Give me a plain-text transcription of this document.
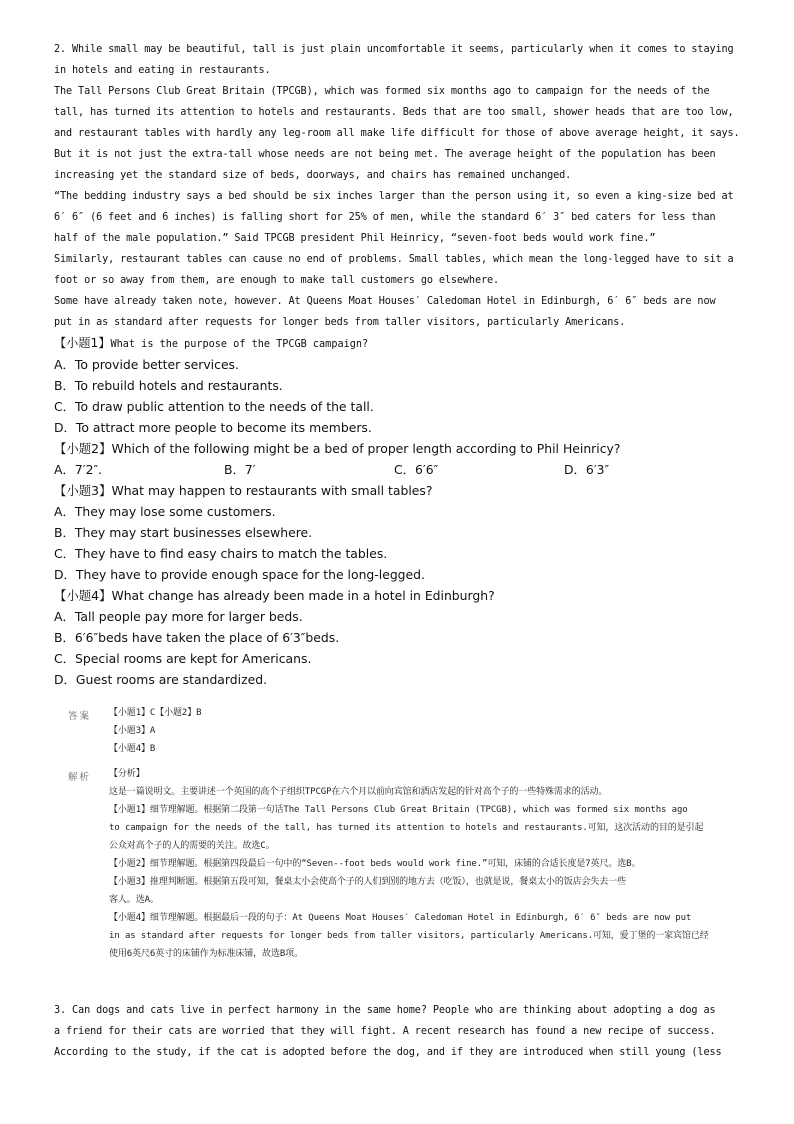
2. While small may be beautiful, tall is just plain uncomfortable it seems, particularly when it comes to staying
in hotels and eating in restaurants.
The Tall Persons Club Great Britain (TPCGB), which was formed six months ago to campaign for the needs of the
tall, has turned its attention to hotels and restaurants. Beds that are too small, shower heads that are too low,
and restaurant tables with hardly any leg-room all make life difficult for those of above average height, it says.
But it is not just the extra-tall whose needs are not being met. The average height of the population has been
increasing yet the standard size of beds, doorways, and chairs has remained unchanged.
“The bedding industry says a bed should be six inches larger than the person using it, so even a king-size bed at
6′ 6″ (6 feet and 6 inches) is falling short for 25% of men, while the standard 6′ 3″ bed caters for less than
half of the male population.” Said TPCGB president Phil Heinricy, “seven-foot beds would work fine.”
Similarly, restaurant tables can cause no end of problems. Small tables, which mean the long-legged have to sit a
foot or so away from them, are enough to make tall customers go elsewhere.
Some have already taken note, however. At Queens Moat Houses′ Caledoman Hotel in Edinburgh, 6′ 6″ beds are now
put in as standard after requests for longer beds from taller visitors, particularly Americans.
【小题1】What is the purpose of the TPCGB campaign?
A．To provide better services.
B．To rebuild hotels and restaurants.
C．To draw public attention to the needs of the tall.
D．To attract more people to become its members.
【小题2】Which of the following might be a bed of proper length according to Phil Heinricy?
A．7′2″.	B．7′	C．6′6″	D．6′3″
【小题3】What may happen to restaurants with small tables?
A．They may lose some customers.
B．They may start businesses elsewhere.
C．They have to find easy chairs to match the tables.
D．They have to provide enough space for the long-legged.
【小题4】What change has already been made in a hotel in Edinburgh?
A．Tall people pay more for larger beds.
B．6′6″beds have taken the place of 6′3″beds.
C．Special rooms are kept for Americans.
D．Guest rooms are standardized.
答案 【小题1】C【小题2】B
【小题3】A
【小题4】B
解析 【分析】
这是一篇说明文。主要讲述一个英国的高个子组织TPCGP在六个月以前向宾馆和酒店发起的针对高个子的一些特殊需求的活动。
【小题1】细节理解题。根据第二段第一句话The Tall Persons Club Great Britain (TPCGB), which was formed six months ago
to campaign for the needs of the tall, has turned its attention to hotels and restaurants.可知，这次活动的目的是引起
公众对高个子的人的需要的关注。故选C。
【小题2】细节理解题。根据第四段最后一句中的“Seven--foot beds would work fine.”可知，床铺的合适长度是7英尺。选B。
【小题3】推理判断题。根据第五段可知，餐桌太小会使高个子的人们到别的地方去（吃饭），也就是说，餐桌太小的饭店会失去一些
客人。选A。
【小题4】细节理解题。根据最后一段的句子：At Queens Moat Houses′ Caledoman Hotel in Edinburgh, 6′ 6″ beds are now put
in as standard after requests for longer beds from taller visitors, particularly Americans.可知，爱丁堡的一家宾馆已经
使用6英尺6英寸的床铺作为标准床铺，故选B项。
3. Can dogs and cats live in perfect harmony in the same home? People who are thinking about adopting a dog as
a friend for their cats are worried that they will fight. A recent research has found a new recipe of success.
According to the study, if the cat is adopted before the dog, and if they are introduced when still young (less
